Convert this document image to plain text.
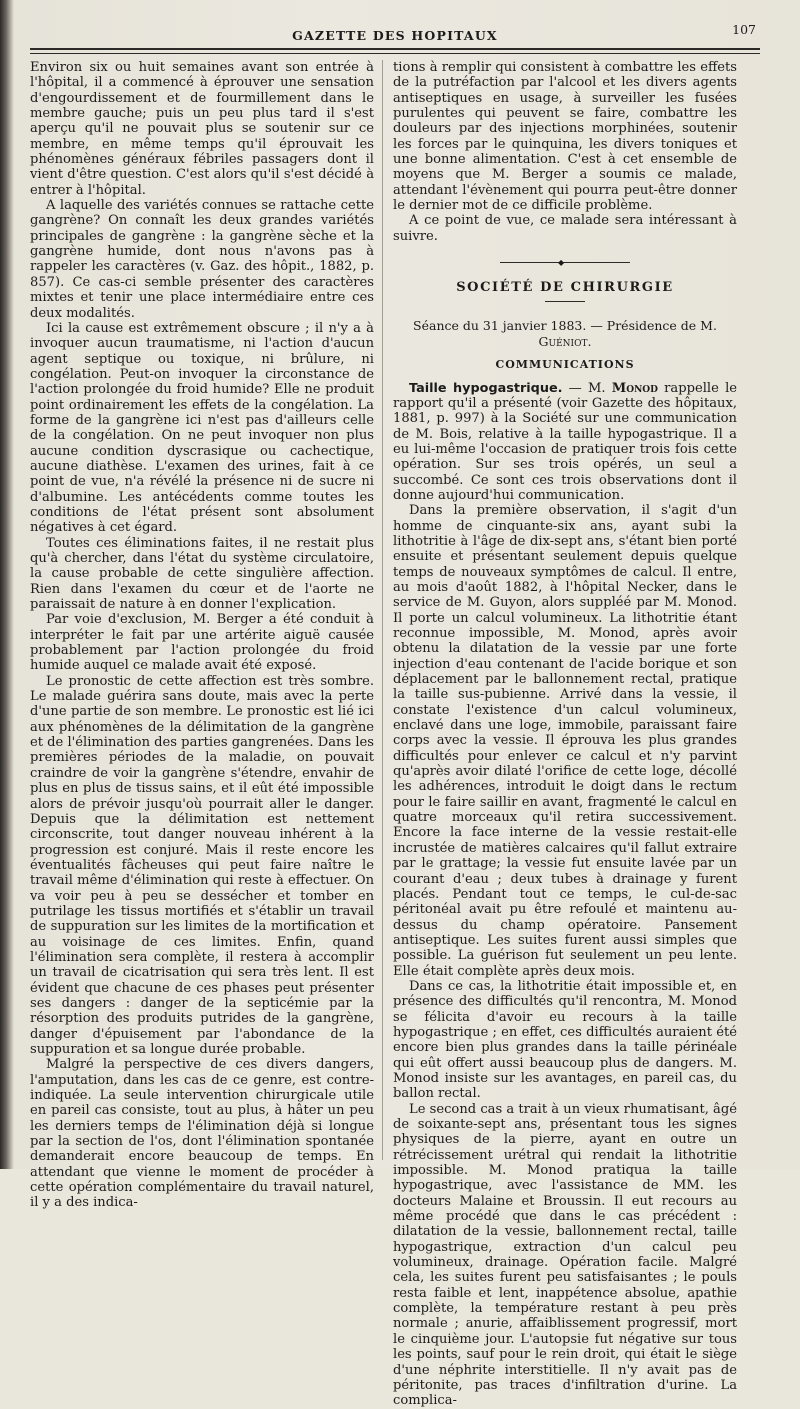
GAZETTE DES HOPITAUX	107

Environ six ou huit semaines avant son entrée à l'hôpital, il a commencé à éprouver une sensation d'engourdissement et de fourmillement dans le membre gauche; puis un peu plus tard il s'est aperçu qu'il ne pouvait plus se soutenir sur ce membre, en même temps qu'il éprouvait les phénomènes généraux fébriles passagers dont il vient d'être question. C'est alors qu'il s'est décidé à entrer à l'hôpital.

A laquelle des variétés connues se rattache cette gangrène? On connaît les deux grandes variétés principales de gangrène : la gangrène sèche et la gangrène humide, dont nous n'avons pas à rappeler les caractères (v. Gaz. des hôpit., 1882, p. 857). Ce cas-ci semble présenter des caractères mixtes et tenir une place intermédiaire entre ces deux modalités.

Ici la cause est extrêmement obscure ; il n'y a à invoquer aucun traumatisme, ni l'action d'aucun agent septique ou toxique, ni brûlure, ni congélation. Peut-on invoquer la circonstance de l'action prolongée du froid humide? Elle ne produit point ordinairement les effets de la congélation. La forme de la gangrène ici n'est pas d'ailleurs celle de la congélation. On ne peut invoquer non plus aucune condition dyscrasique ou cachectique, aucune diathèse. L'examen des urines, fait à ce point de vue, n'a révélé la présence ni de sucre ni d'albumine. Les antécédents comme toutes les conditions de l'état présent sont absolument négatives à cet égard.

Toutes ces éliminations faites, il ne restait plus qu'à chercher, dans l'état du système circulatoire, la cause probable de cette singulière affection. Rien dans l'examen du cœur et de l'aorte ne paraissait de nature à en donner l'explication.

Par voie d'exclusion, M. Berger a été conduit à interpréter le fait par une artérite aiguë causée probablement par l'action prolongée du froid humide auquel ce malade avait été exposé.

Le pronostic de cette affection est très sombre. Le malade guérira sans doute, mais avec la perte d'une partie de son membre. Le pronostic est lié ici aux phénomènes de la délimitation de la gangrène et de l'élimination des parties gangrenées. Dans les premières périodes de la maladie, on pouvait craindre de voir la gangrène s'étendre, envahir de plus en plus de tissus sains, et il eût été impossible alors de prévoir jusqu'où pourrait aller le danger. Depuis que la délimitation est nettement circonscrite, tout danger nouveau inhérent à la progression est conjuré. Mais il reste encore les éventualités fâcheuses qui peut faire naître le travail même d'élimination qui reste à effectuer. On va voir peu à peu se dessécher et tomber en putrilage les tissus mortifiés et s'établir un travail de suppuration sur les limites de la mortification et au voisinage de ces limites. Enfin, quand l'élimination sera complète, il restera à accomplir un travail de cicatrisation qui sera très lent. Il est évident que chacune de ces phases peut présenter ses dangers : danger de la septicémie par la résorption des produits putrides de la gangrène, danger d'épuisement par l'abondance de la suppuration et sa longue durée probable.

Malgré la perspective de ces divers dangers, l'amputation, dans les cas de ce genre, est contre-indiquée. La seule intervention chirurgicale utile en pareil cas consiste, tout au plus, à hâter un peu les derniers temps de l'élimination déjà si longue par la section de l'os, dont l'élimination spontanée demanderait encore beaucoup de temps. En attendant que vienne le moment de procéder à cette opération complémentaire du travail naturel, il y a des indica-

tions à remplir qui consistent à combattre les effets de la putréfaction par l'alcool et les divers agents antiseptiques en usage, à surveiller les fusées purulentes qui peuvent se faire, combattre les douleurs par des injections morphinées, soutenir les forces par le quinquina, les divers toniques et une bonne alimentation. C'est à cet ensemble de moyens que M. Berger a soumis ce malade, attendant l'évènement qui pourra peut-être donner le dernier mot de ce difficile problème.

A ce point de vue, ce malade sera intéressant à suivre.

◆
SOCIÉTÉ DE CHIRURGIE
Séance du 31 janvier 1883. — Présidence de M. Guéniot.
COMMUNICATIONS

Taille hypogastrique. — M. Monod rappelle le rapport qu'il a présenté (voir Gazette des hôpitaux, 1881, p. 997) à la Société sur une communication de M. Bois, relative à la taille hypogastrique. Il a eu lui-même l'occasion de pratiquer trois fois cette opération. Sur ses trois opérés, un seul a succombé. Ce sont ces trois observations dont il donne aujourd'hui communication.

Dans la première observation, il s'agit d'un homme de cinquante-six ans, ayant subi la lithotritie à l'âge de dix-sept ans, s'étant bien porté ensuite et présentant seulement depuis quelque temps de nouveaux symptômes de calcul. Il entre, au mois d'août 1882, à l'hôpital Necker, dans le service de M. Guyon, alors suppléé par M. Monod. Il porte un calcul volumineux. La lithotritie étant reconnue impossible, M. Monod, après avoir obtenu la dilatation de la vessie par une forte injection d'eau contenant de l'acide borique et son déplacement par le ballonnement rectal, pratique la taille sus-pubienne. Arrivé dans la vessie, il constate l'existence d'un calcul volumineux, enclavé dans une loge, immobile, paraissant faire corps avec la vessie. Il éprouva les plus grandes difficultés pour enlever ce calcul et n'y parvint qu'après avoir dilaté l'orifice de cette loge, décollé les adhérences, introduit le doigt dans le rectum pour le faire saillir en avant, fragmenté le calcul en quatre morceaux qu'il retira successivement. Encore la face interne de la vessie restait-elle incrustée de matières calcaires qu'il fallut extraire par le grattage; la vessie fut ensuite lavée par un courant d'eau ; deux tubes à drainage y furent placés. Pendant tout ce temps, le cul-de-sac péritonéal avait pu être refoulé et maintenu au-dessus du champ opératoire. Pansement antiseptique. Les suites furent aussi simples que possible. La guérison fut seulement un peu lente. Elle était complète après deux mois.

Dans ce cas, la lithotritie était impossible et, en présence des difficultés qu'il rencontra, M. Monod se félicita d'avoir eu recours à la taille hypogastrique ; en effet, ces difficultés auraient été encore bien plus grandes dans la taille périnéale qui eût offert aussi beaucoup plus de dangers. M. Monod insiste sur les avantages, en pareil cas, du ballon rectal.

Le second cas a trait à un vieux rhumatisant, âgé de soixante-sept ans, présentant tous les signes physiques de la pierre, ayant en outre un rétrécissement urétral qui rendait la lithotritie impossible. M. Monod pratiqua la taille hypogastrique, avec l'assistance de MM. les docteurs Malaine et Broussin. Il eut recours au même procédé que dans le cas précédent : dilatation de la vessie, ballonnement rectal, taille hypogastrique, extraction d'un calcul peu volumineux, drainage. Opération facile. Malgré cela, les suites furent peu satisfaisantes ; le pouls resta faible et lent, inappétence absolue, apathie complète, la température restant à peu près normale ; anurie, affaiblissement progressif, mort le cinquième jour. L'autopsie fut négative sur tous les points, sauf pour le rein droit, qui était le siège d'une néphrite interstitielle. Il n'y avait pas de péritonite, pas traces d'infiltration d'urine. La complica-
